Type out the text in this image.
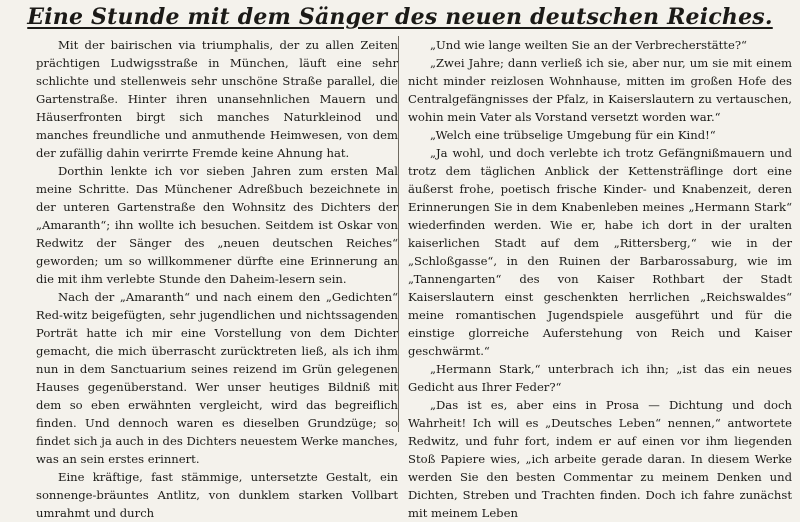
Eine Stunde mit dem Sänger des neuen deutschen Reiches.

Mit der bairischen via triumphalis, der zu allen Zeiten prächtigen Ludwigsstraße in München, läuft eine sehr schlichte und stellenweis sehr unschöne Straße parallel, die Gartenstraße. Hinter ihren unansehnlichen Mauern und Häuserfronten birgt sich manches Naturkleinod und manches freundliche und anmuthende Heimwesen, von dem der zufällig dahin verirrte Fremde keine Ahnung hat.

Dorthin lenkte ich vor sieben Jahren zum ersten Mal meine Schritte. Das Münchener Adreßbuch bezeichnete in der unteren Gartenstraße den Wohnsitz des Dichters der „Amaranth“; ihn wollte ich besuchen. Seitdem ist Oskar von Redwitz der Sänger des „neuen deutschen Reiches“ geworden; um so willkommener dürfte eine Erinnerung an die mit ihm verlebte Stunde den Daheim-lesern sein.

Nach der „Amaranth“ und nach einem den „Gedichten“ Red-witz beigefügten, sehr jugendlichen und nichtssagenden Porträt hatte ich mir eine Vorstellung von dem Dichter gemacht, die mich überrascht zurücktreten ließ, als ich ihm nun in dem Sanctuarium seines reizend im Grün gelegenen Hauses gegenüberstand. Wer unser heutiges Bildniß mit dem so eben erwähnten vergleicht, wird das begreiflich finden. Und dennoch waren es dieselben Grundzüge; so findet sich ja auch in des Dichters neuestem Werke manches, was an sein erstes erinnert.

Eine kräftige, fast stämmige, untersetzte Gestalt, ein sonnenge-bräuntes Antlitz, von dunklem starken Vollbart umrahmt und durch

„Und wie lange weilten Sie an der Verbrecherstätte?“

„Zwei Jahre; dann verließ ich sie, aber nur, um sie mit einem nicht minder reizlosen Wohnhause, mitten im großen Hofe des Centralgefängnisses der Pfalz, in Kaiserslautern zu vertauschen, wohin mein Vater als Vorstand versetzt worden war.“

„Welch eine trübselige Umgebung für ein Kind!“

„Ja wohl, und doch verlebte ich trotz Gefängnißmauern und trotz dem täglichen Anblick der Kettensträflinge dort eine äußerst frohe, poetisch frische Kinder- und Knabenzeit, deren Erinnerungen Sie in dem Knabenleben meines „Hermann Stark“ wiederfinden werden. Wie er, habe ich dort in der uralten kaiserlichen Stadt auf dem „Rittersberg,“ wie in der „Schloßgasse“, in den Ruinen der Barbarossaburg, wie im „Tannengarten“ des von Kaiser Rothbart der Stadt Kaiserslautern einst geschenkten herrlichen „Reichswaldes“ meine romantischen Jugendspiele ausgeführt und für die einstige glorreiche Auferstehung von Reich und Kaiser geschwärmt.“

„Hermann Stark,“ unterbrach ich ihn; „ist das ein neues Gedicht aus Ihrer Feder?“

„Das ist es, aber eins in Prosa — Dichtung und doch Wahrheit! Ich will es „Deutsches Leben“ nennen,“ antwortete Redwitz, und fuhr fort, indem er auf einen vor ihm liegenden Stoß Papiere wies, „ich arbeite gerade daran. In diesem Werke werden Sie den besten Commentar zu meinem Denken und Dichten, Streben und Trachten finden. Doch ich fahre zunächst mit meinem Leben
